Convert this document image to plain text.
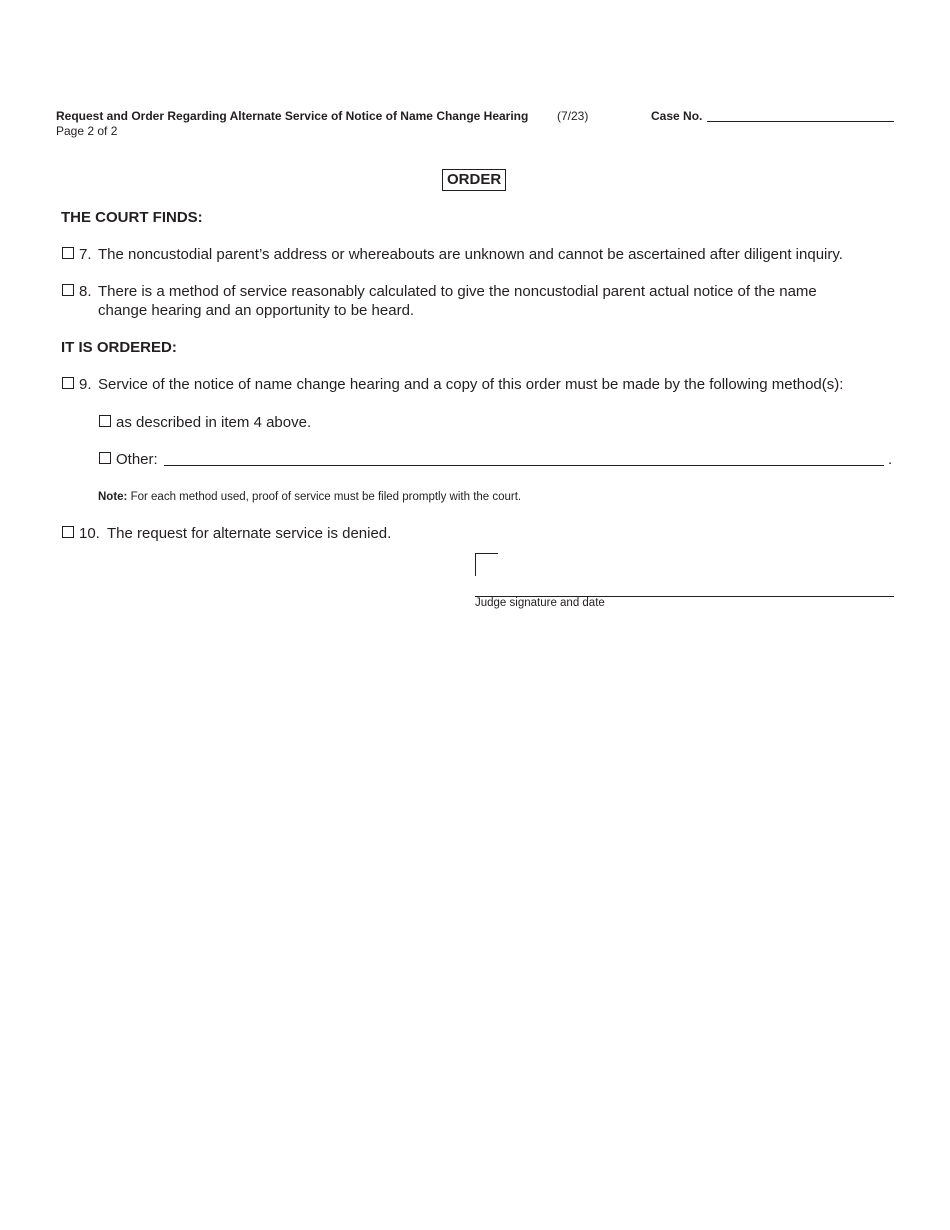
Request and Order Regarding Alternate Service of Notice of Name Change Hearing (7/23)
Page 2 of 2
Case No.
ORDER
THE COURT FINDS:
7. The noncustodial parent’s address or whereabouts are unknown and cannot be ascertained after diligent inquiry.
8. There is a method of service reasonably calculated to give the noncustodial parent actual notice of the name
change hearing and an opportunity to be heard.
IT IS ORDERED:
9. Service of the notice of name change hearing and a copy of this order must be made by the following method(s):
as described in item 4 above.
Other:	.
Note: For each method used, proof of service must be filed promptly with the court.
10. The request for alternate service is denied.
Judge signature and date
